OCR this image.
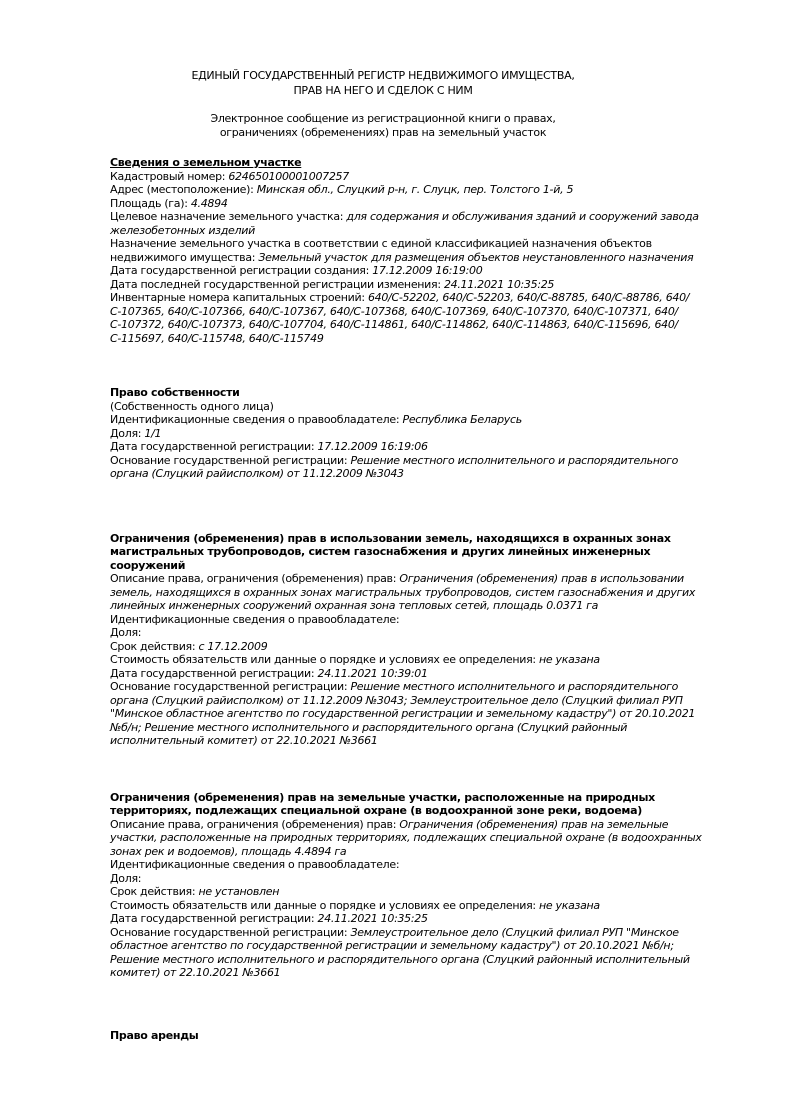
ЕДИНЫЙ ГОСУДАРСТВЕННЫЙ РЕГИСТР НЕДВИЖИМОГО ИМУЩЕСТВА,
ПРАВ НА НЕГО И СДЕЛОК С НИМ
Электронное сообщение из регистрационной книги о правах,
ограничениях (обременениях) прав на земельный участок
Сведения о земельном участке

Кадастровый номер: 624650100001007257

Адрес (местоположение): Минская обл., Слуцкий р-н, г. Слуцк, пер. Толстого 1-й, 5

Площадь (га): 4.4894

Целевое назначение земельного участка: для содержания и обслуживания зданий и сооружений завода железобетонных изделий

Назначение земельного участка в соответствии с единой классификацией назначения объектов недвижимого имущества: Земельный участок для размещения объектов неустановленного назначения

Дата государственной регистрации создания: 17.12.2009 16:19:00

Дата последней государственной регистрации изменения: 24.11.2021 10:35:25

Инвентарные номера капитальных строений: 640/С-52202, 640/С-52203, 640/С-88785, 640/С-88786, 640/С-107365, 640/С-107366, 640/С-107367, 640/С-107368, 640/С-107369, 640/С-107370, 640/С-107371, 640/С-107372, 640/С-107373, 640/С-107704, 640/С-114861, 640/С-114862, 640/С-114863, 640/С-115696, 640/С-115697, 640/С-115748, 640/С-115749

Право собственности

(Собственность одного лица)

Идентификационные сведения о правообладателе: Республика Беларусь

Доля: 1/1

Дата государственной регистрации: 17.12.2009 16:19:06

Основание государственной регистрации: Решение местного исполнительного и распорядительного органа (Слуцкий райисполком) от 11.12.2009 №3043

Ограничения (обременения) прав в использовании земель, находящихся в охранных зонах магистральных трубопроводов, систем газоснабжения и других линейных инженерных сооружений

Описание права, ограничения (обременения) прав: Ограничения (обременения) прав в использовании земель, находящихся в охранных зонах магистральных трубопроводов, систем газоснабжения и других линейных инженерных сооружений охранная зона тепловых сетей, площадь 0.0371 га

Идентификационные сведения о правообладателе:

Доля:

Срок действия: с 17.12.2009

Стоимость обязательств или данные о порядке и условиях ее определения: не указана

Дата государственной регистрации: 24.11.2021 10:39:01

Основание государственной регистрации: Решение местного исполнительного и распорядительного органа (Слуцкий райисполком) от 11.12.2009 №3043; Землеустроительное дело (Слуцкий филиал РУП "Минское областное агентство по государственной регистрации и земельному кадастру") от 20.10.2021 №б/н; Решение местного исполнительного и распорядительного органа (Слуцкий районный исполнительный комитет) от 22.10.2021 №3661

Ограничения (обременения) прав на земельные участки, расположенные на природных территориях, подлежащих специальной охране (в водоохранной зоне реки, водоема)

Описание права, ограничения (обременения) прав: Ограничения (обременения) прав на земельные участки, расположенные на природных территориях, подлежащих специальной охране (в водоохранных зонах рек и водоемов), площадь 4.4894 га

Идентификационные сведения о правообладателе:

Доля:

Срок действия: не установлен

Стоимость обязательств или данные о порядке и условиях ее определения: не указана

Дата государственной регистрации: 24.11.2021 10:35:25

Основание государственной регистрации: Землеустроительное дело (Слуцкий филиал РУП "Минское областное агентство по государственной регистрации и земельному кадастру") от 20.10.2021 №б/н; Решение местного исполнительного и распорядительного органа (Слуцкий районный исполнительный комитет) от 22.10.2021 №3661

Право аренды
